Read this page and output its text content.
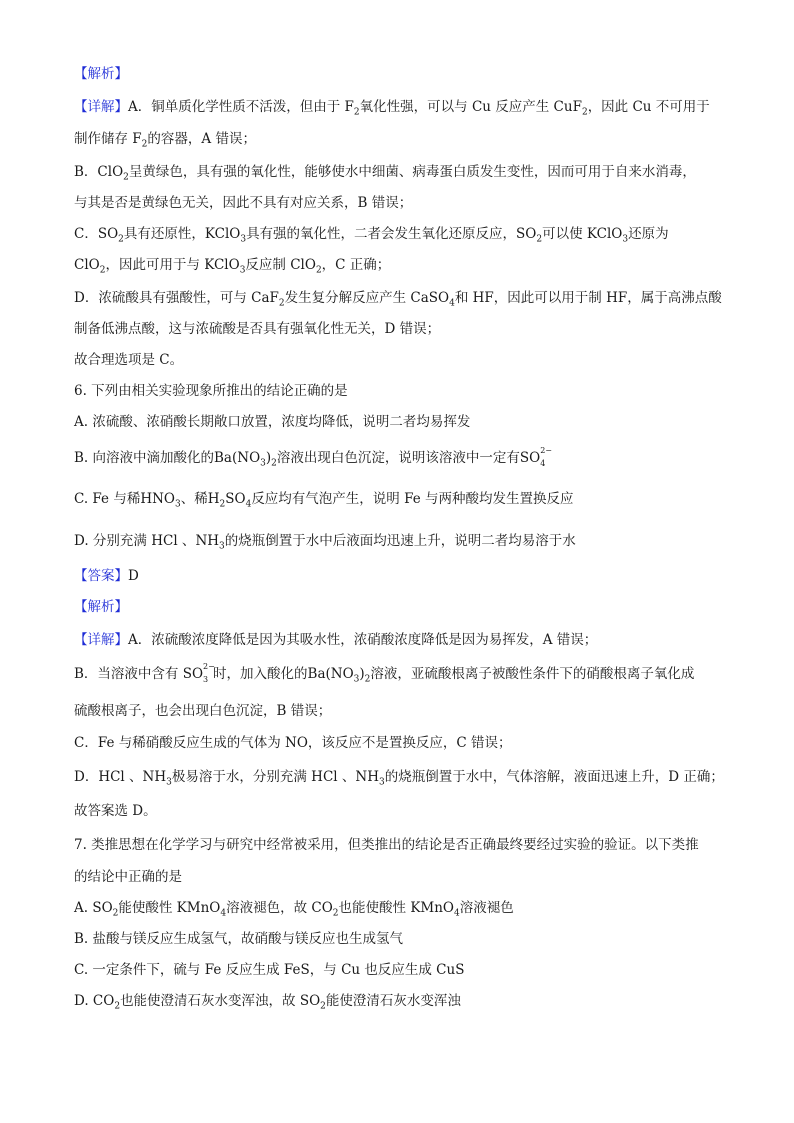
【解析】
【详解】A．铜单质化学性质不活泼，但由于 $F_2$氧化性强，可以与 Cu 反应产生 CuF$_2$，因此 Cu 不可用于
制作储存 $F_2$的容器，A 错误；
B．ClO$_2$呈黄绿色，具有强的氧化性，能够使水中细菌、病毒蛋白质发生变性，因而可用于自来水消毒，
与其是否是黄绿色无关，因此不具有对应关系，B 错误；
C．$SO_2$具有还原性，KClO$_3$具有强的氧化性，二者会发生氧化还原反应，$SO_2$可以使 KClO$_3$还原为
ClO$_2$，因此可用于与 KClO$_3$反应制 ClO$_2$，C 正确；
D．浓硫酸具有强酸性，可与 CaF$_2$发生复分解反应产生 CaSO$_4$和 HF，因此可以用于制 HF，属于高沸点酸
制备低沸点酸，这与浓硫酸是否具有强氧化性无关，D 错误；
故合理选项是 C。
6. 下列由相关实验现象所推出的结论正确的是
A. 浓硫酸、浓硝酸长期敞口放置，浓度均降低，说明二者均易挥发
B. 向溶液中滴加酸化的$Ba(NO_3)_2$溶液出现白色沉淀，说明该溶液中一定有SO 2−
4
C. Fe 与稀$HNO_3$、稀$H_2SO_4$反应均有气泡产生，说明 Fe 与两种酸均发生置换反应
D. 分别充满 HCl 、$NH_3$的烧瓶倒置于水中后液面均迅速上升，说明二者均易溶于水
【答案】D
【解析】
【详解】A．浓硫酸浓度降低是因为其吸水性，浓硝酸浓度降低是因为易挥发，A 错误；
B．当溶液中含有 SO 2−
3 时，加入酸化的$Ba(NO_3)_2$溶液，亚硫酸根离子被酸性条件下的硝酸根离子氧化成
硫酸根离子，也会出现白色沉淀，B 错误；
C．Fe 与稀硝酸反应生成的气体为 NO，该反应不是置换反应，C 错误；
D．HCl 、$NH_3$极易溶于水，分别充满 HCl 、$NH_3$的烧瓶倒置于水中，气体溶解，液面迅速上升，D 正确；
故答案选 D。
7. 类推思想在化学学习与研究中经常被采用，但类推出的结论是否正确最终要经过实验的验证。以下类推
的结论中正确的是
A. $SO_2$能使酸性 KMnO$_4$溶液褪色，故 $CO_2$也能使酸性 KMnO$_4$溶液褪色
B. 盐酸与镁反应生成氢气，故硝酸与镁反应也生成氢气
C. 一定条件下，硫与 Fe 反应生成 FeS，与 Cu 也反应生成 CuS
D. $CO_2$也能使澄清石灰水变浑浊，故 $SO_2$能使澄清石灰水变浑浊
